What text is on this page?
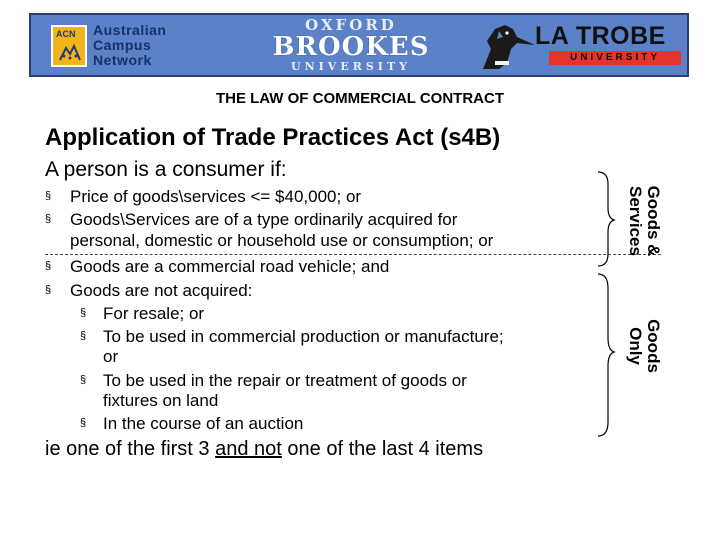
ACN Australian
Campus
Network
OXFORD
BROOKES
UNIVERSITY
LA TROBE
UNIVERSITY
THE LAW OF COMMERCIAL CONTRACT
Application of Trade Practices Act (s4B)
A person is a consumer if:
§ Price of goods\services <= $40,000; or
§ Goods\Services are of a type ordinarily acquired for
personal, domestic or household use or consumption; or
§ Goods are a commercial road vehicle; and
§ Goods are not acquired:
§ For resale; or
§ To be used in commercial production or manufacture;
or
§ To be used in the repair or treatment of goods or
fixtures on land
§ In the course of an auction
ie one of the first 3 and not one of the last 4 items
Goods &
Services
Goods
Only
